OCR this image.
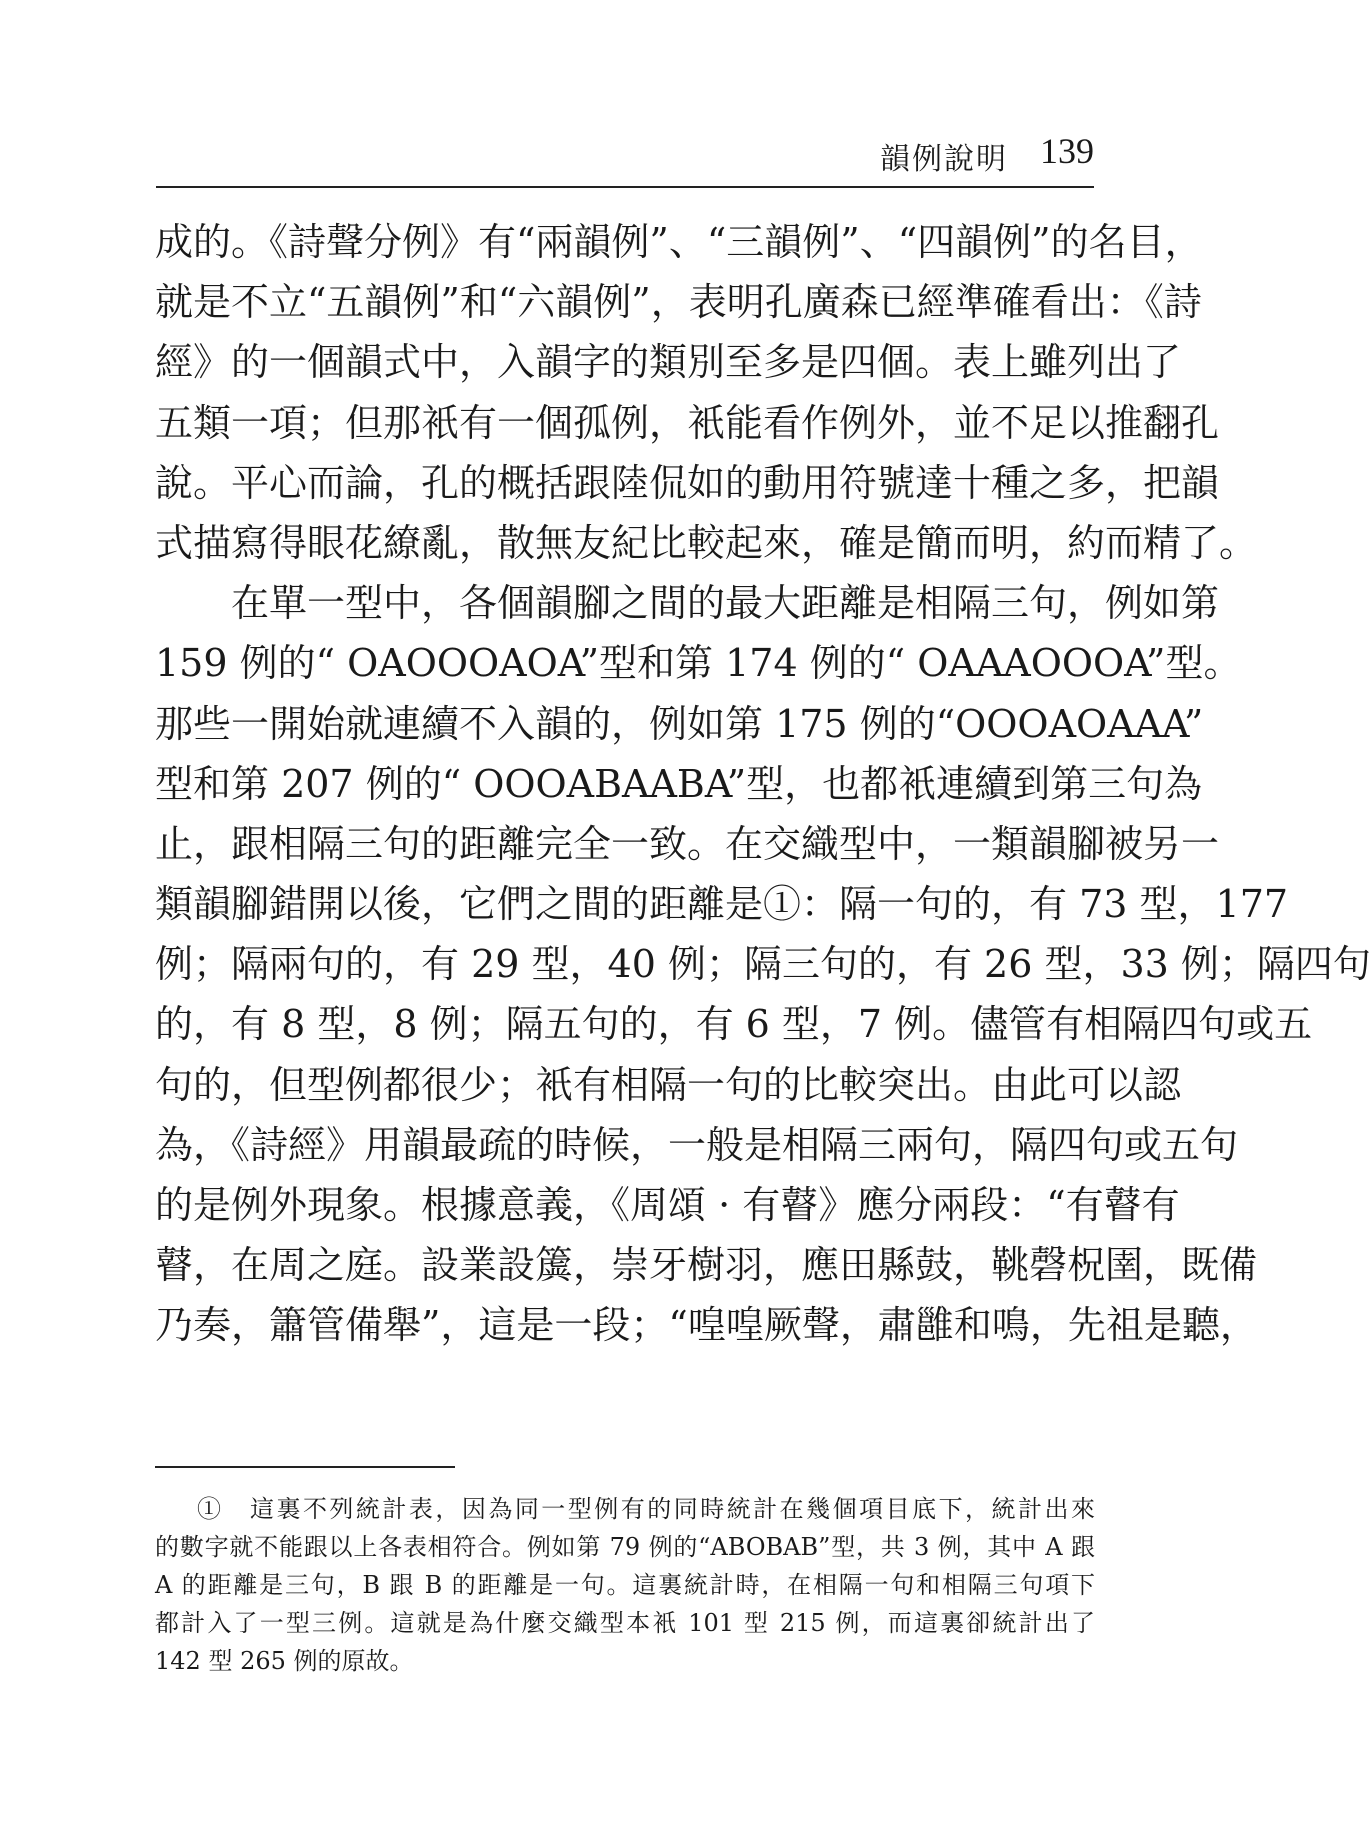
韻例說明 139
成的。《詩聲分例》有“兩韻例”、“三韻例”、“四韻例”的名目，
就是不立“五韻例”和“六韻例”，表明孔廣森已經準確看出：《詩
經》的一個韻式中，入韻字的類別至多是四個。表上雖列出了
五類一項；但那衹有一個孤例，衹能看作例外，並不足以推翻孔
說。平心而論，孔的概括跟陸侃如的動用符號達十種之多，把韻
式描寫得眼花繚亂，散無友紀比較起來，確是簡而明，約而精了。
在單一型中，各個韻腳之間的最大距離是相隔三句，例如第
159 例的“ OAOOOAOA”型和第 174 例的“ OAAAOOOA”型。
那些一開始就連續不入韻的，例如第 175 例的“OOOAOAAA”
型和第 207 例的“ OOOABAABA”型，也都衹連續到第三句為
止，跟相隔三句的距離完全一致。在交織型中，一類韻腳被另一
類韻腳錯開以後，它們之間的距離是①：隔一句的，有 73 型，177
例；隔兩句的，有 29 型，40 例；隔三句的，有 26 型，33 例；隔四句
的，有 8 型，8 例；隔五句的，有 6 型，7 例。儘管有相隔四句或五
句的，但型例都很少；衹有相隔一句的比較突出。由此可以認
為，《詩經》用韻最疏的時候，一般是相隔三兩句，隔四句或五句
的是例外現象。根據意義，《周頌 · 有瞽》應分兩段：“有瞽有
瞽，在周之庭。設業設簴，崇牙樹羽，應田縣鼓，鞉磬柷圉，既備
乃奏，簫管備舉”，這是一段；“喤喤厥聲，肅雝和鳴，先祖是聽，
①　這裏不列統計表，因為同一型例有的同時統計在幾個項目底下，統計出來
的數字就不能跟以上各表相符合。例如第 79 例的“ABOBAB”型，共 3 例，其中 A 跟
A 的距離是三句，B 跟 B 的距離是一句。這裏統計時，在相隔一句和相隔三句項下
都計入了一型三例。這就是為什麼交織型本衹 101 型 215 例，而這裏卻統計出了
142 型 265 例的原故。
